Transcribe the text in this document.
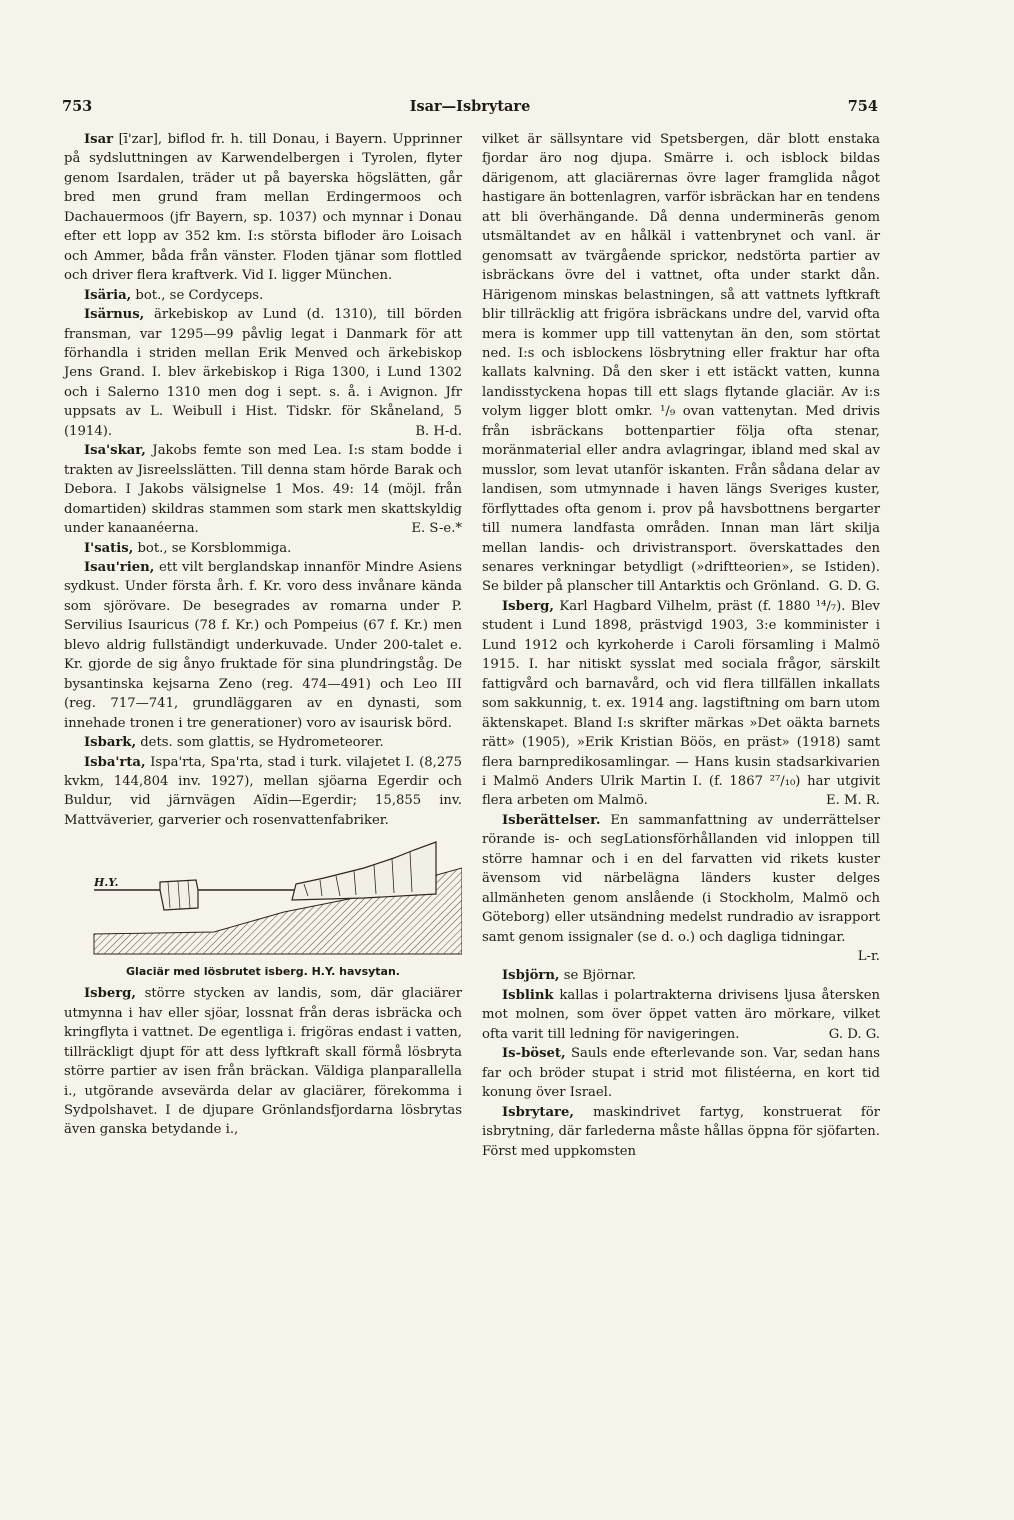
753	Isar—Isbrytare	754

Isar [ī'zar], biflod fr. h. till Donau, i Bayern. Upprinner på sydsluttningen av Karwendelbergen i Tyrolen, flyter genom Isardalen, träder ut på bayerska högslätten, går bred men grund fram mellan Erdingermoos och Dachauermoos (jfr Bayern, sp. 1037) och mynnar i Donau efter ett lopp av 352 km. I:s största bifloder äro Loisach och Ammer, båda från vänster. Floden tjänar som flottled och driver flera kraftverk. Vid I. ligger München.

Isäria, bot., se Cordyceps.

Isärnus, ärkebiskop av Lund (d. 1310), till börden fransman, var 1295—99 påvlig legat i Danmark för att förhandla i striden mellan Erik Menved och ärkebiskop Jens Grand. I. blev ärkebiskop i Riga 1300, i Lund 1302 och i Salerno 1310 men dog i sept. s. å. i Avignon. Jfr uppsats av L. Weibull i Hist. Tidskr. för Skåneland, 5 (1914).	B. H-d.

Isa'skar, Jakobs femte son med Lea. I:s stam bodde i trakten av Jisreelsslätten. Till denna stam hörde Barak och Debora. I Jakobs välsignelse 1 Mos. 49: 14 (möjl. från domartiden) skildras stammen som stark men skattskyldig under kanaanéerna.	E. S-e.*

I'satis, bot., se Korsblommiga.

Isau'rien, ett vilt berglandskap innanför Mindre Asiens sydkust. Under första årh. f. Kr. voro dess invånare kända som sjörövare. De besegrades av romarna under P. Servilius Isauricus (78 f. Kr.) och Pompeius (67 f. Kr.) men blevo aldrig fullständigt underkuvade. Under 200-talet e. Kr. gjorde de sig ånyo fruktade för sina plundringståg. De bysantinska kejsarna Zeno (reg. 474—491) och Leo III (reg. 717—741, grundläggaren av en dynasti, som innehade tronen i tre generationer) voro av isaurisk börd.

Isbark, dets. som glattis, se Hydrometeorer.

Isba'rta, Ispa'rta, Spa'rta, stad i turk. vilajetet I. (8,275 kvkm, 144,804 inv. 1927), mellan sjöarna Egerdir och Buldur, vid järnvägen Aïdin—Egerdir; 15,855 inv. Mattväverier, garverier och rosenvattenfabriker.

H.Y.
Glaciär med lösbrutet isberg. H.Y. havsytan.

Isberg, större stycken av landis, som, där glaciärer utmynna i hav eller sjöar, lossnat från deras isbräcka och kringflyta i vattnet. De egentliga i. frigöras endast i vatten, tillräckligt djupt för att dess lyftkraft skall förmå lösbryta större partier av isen från bräckan. Väldiga planparallella i., utgörande avsevärda delar av glaciärer, förekomma i Sydpolshavet. I de djupare Grönlandsfjordarna lösbrytas även ganska betydande i.,

vilket är sällsyntare vid Spetsbergen, där blott enstaka fjordar äro nog djupa. Smärre i. och isblock bildas därigenom, att glaciärernas övre lager framglida något hastigare än bottenlagren, varför isbräckan har en tendens att bli överhängande. Då denna underminerās genom utsmältandet av en hålkäl i vattenbrynet och vanl. är genomsatt av tvärgående sprickor, nedstörta partier av isbräckans övre del i vattnet, ofta under starkt dån. Härigenom minskas belastningen, så att vattnets lyftkraft blir tillräcklig att frigöra isbräckans undre del, varvid ofta mera is kommer upp till vattenytan än den, som störtat ned. I:s och isblockens lösbrytning eller fraktur har ofta kallats kalvning. Då den sker i ett istäckt vatten, kunna landisstyckena hopas till ett slags flytande glaciär. Av i:s volym ligger blott omkr. ¹/₉ ovan vattenytan. Med drivis från isbräckans bottenpartier följa ofta stenar, moränmaterial eller andra avlagringar, ibland med skal av musslor, som levat utanför iskanten. Från sådana delar av landisen, som utmynnade i haven längs Sveriges kuster, förflyttades ofta genom i. prov på havsbottnens bergarter till numera landfasta områden. Innan man lärt skilja mellan landis- och drivistransport. överskattades den senares verkningar betydligt (»driftteorien», se Istiden). Se bilder på planscher till Antarktis och Grönland. G. D. G.

Isberg, Karl Hagbard Vilhelm, präst (f. 1880 ¹⁴/₇). Blev student i Lund 1898, prästvigd 1903, 3:e komminister i Lund 1912 och kyrkoherde i Caroli församling i Malmö 1915. I. har nitiskt sysslat med sociala frågor, särskilt fattigvård och barnavård, och vid flera tillfällen inkallats som sakkunnig, t. ex. 1914 ang. lagstiftning om barn utom äktenskapet. Bland I:s skrifter märkas »Det oäkta barnets rätt» (1905), »Erik Kristian Böös, en präst» (1918) samt flera barnpredikosamlingar. — Hans kusin stadsarkivarien i Malmö Anders Ulrik Martin I. (f. 1867 ²⁷/₁₀) har utgivit flera arbeten om Malmö.	E. M. R.

Isberättelser. En sammanfattning av underrättelser rörande is- och segLationsförhållanden vid inloppen till större hamnar och i en del farvatten vid rikets kuster ävensom vid närbelägna länders kuster delges allmänheten genom anslående (i Stockholm, Malmö och Göteborg) eller utsändning medelst rundradio av israpport samt genom issignaler (se d. o.) och dagliga tidningar.
L-r.

Isbjörn, se Björnar.

Isblink kallas i polartrakterna drivisens ljusa återsken mot molnen, som över öppet vatten äro mörkare, vilket ofta varit till ledning för navigeringen.	G. D. G.

Is-böset, Sauls ende efterlevande son. Var, sedan hans far och bröder stupat i strid mot filistéerna, en kort tid konung över Israel.

Isbrytare, maskindrivet fartyg, konstruerat för isbrytning, där farlederna måste hållas öppna för sjöfarten. Först med uppkomsten
